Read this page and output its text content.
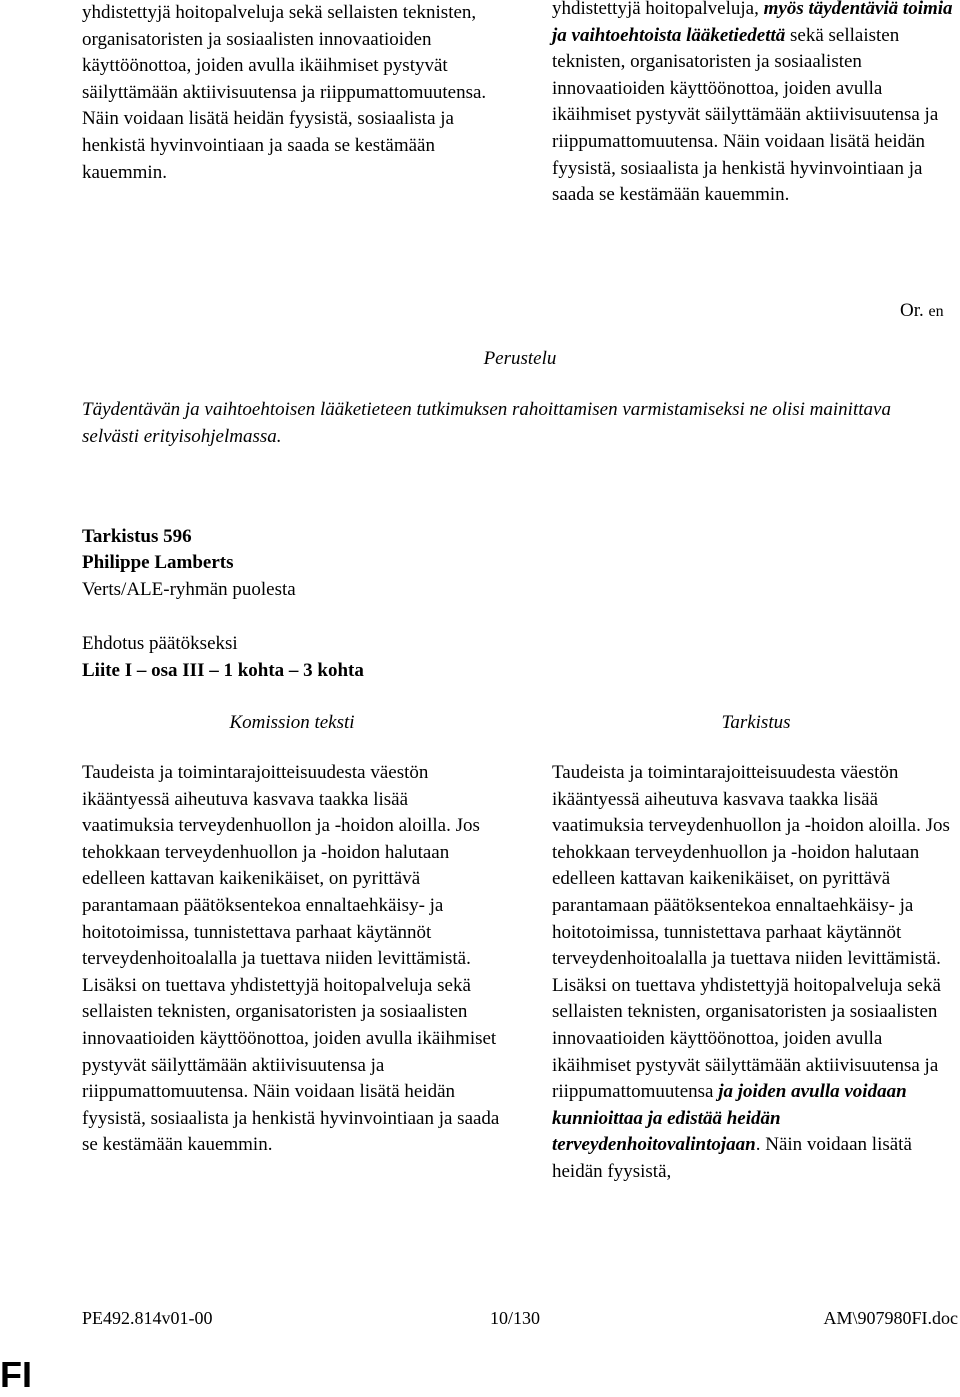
yhdistettyjä hoitopalveluja sekä sellaisten teknisten, organisatoristen ja sosiaalisten innovaatioiden käyttöönottoa, joiden avulla ikäihmiset pystyvät säilyttämään aktiivisuutensa ja riippumattomuutensa. Näin voidaan lisätä heidän fyysistä, sosiaalista ja henkistä hyvinvointiaan ja saada se kestämään kauemmin.

yhdistettyjä hoitopalveluja, myös täydentäviä toimia ja vaihtoehtoista lääketiedettä sekä sellaisten teknisten, organisatoristen ja sosiaalisten innovaatioiden käyttöönottoa, joiden avulla ikäihmiset pystyvät säilyttämään aktiivisuutensa ja riippumattomuutensa. Näin voidaan lisätä heidän fyysistä, sosiaalista ja henkistä hyvinvointiaan ja saada se kestämään kauemmin.

Or. en

Perustelu

Täydentävän ja vaihtoehtoisen lääketieteen tutkimuksen rahoittamisen varmistamiseksi ne olisi mainittava selvästi erityisohjelmassa.

Tarkistus 596

Philippe Lamberts

Verts/ALE-ryhmän puolesta

Ehdotus päätökseksi

Liite I – osa III – 1 kohta – 3 kohta

Komission teksti	Tarkistus

Taudeista ja toimintarajoitteisuudesta väestön ikääntyessä aiheutuva kasvava taakka lisää vaatimuksia terveydenhuollon ja -hoidon aloilla. Jos tehokkaan terveydenhuollon ja -hoidon halutaan edelleen kattavan kaikenikäiset, on pyrittävä parantamaan päätöksentekoa ennaltaehkäisy- ja hoitotoimissa, tunnistettava parhaat käytännöt terveydenhoitoalalla ja tuettava niiden levittämistä. Lisäksi on tuettava yhdistettyjä hoitopalveluja sekä sellaisten teknisten, organisatoristen ja sosiaalisten innovaatioiden käyttöönottoa, joiden avulla ikäihmiset pystyvät säilyttämään aktiivisuutensa ja riippumattomuutensa. Näin voidaan lisätä heidän fyysistä, sosiaalista ja henkistä hyvinvointiaan ja saada se kestämään kauemmin.

Taudeista ja toimintarajoitteisuudesta väestön ikääntyessä aiheutuva kasvava taakka lisää vaatimuksia terveydenhuollon ja -hoidon aloilla. Jos tehokkaan terveydenhuollon ja -hoidon halutaan edelleen kattavan kaikenikäiset, on pyrittävä parantamaan päätöksentekoa ennaltaehkäisy- ja hoitotoimissa, tunnistettava parhaat käytännöt terveydenhoitoalalla ja tuettava niiden levittämistä. Lisäksi on tuettava yhdistettyjä hoitopalveluja sekä sellaisten teknisten, organisatoristen ja sosiaalisten innovaatioiden käyttöönottoa, joiden avulla ikäihmiset pystyvät säilyttämään aktiivisuutensa ja riippumattomuutensa ja joiden avulla voidaan kunnioittaa ja edistää heidän terveydenhoitovalintojaan. Näin voidaan lisätä heidän fyysistä,

PE492.814v01-00	10/130	AM\907980FI.doc
FI
